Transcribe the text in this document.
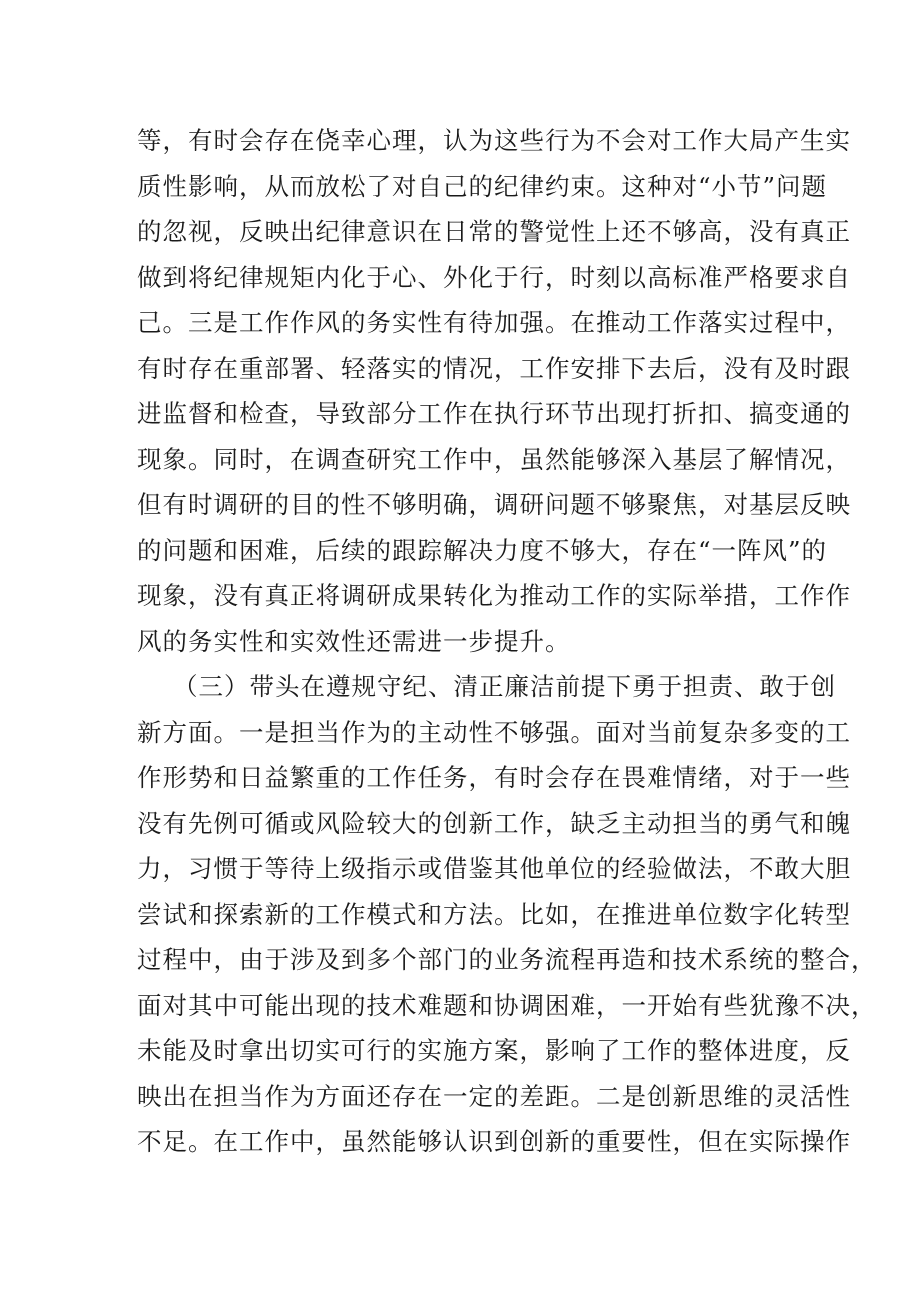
等，有时会存在侥幸心理，认为这些行为不会对工作大局产生实
质性影响，从而放松了对自己的纪律约束。这种对“小节”问题
的忽视，反映出纪律意识在日常的警觉性上还不够高，没有真正
做到将纪律规矩内化于心、外化于行，时刻以高标准严格要求自
己。三是工作作风的务实性有待加强。在推动工作落实过程中，
有时存在重部署、轻落实的情况，工作安排下去后，没有及时跟
进监督和检查，导致部分工作在执行环节出现打折扣、搞变通的
现象。同时，在调查研究工作中，虽然能够深入基层了解情况，
但有时调研的目的性不够明确，调研问题不够聚焦，对基层反映
的问题和困难，后续的跟踪解决力度不够大，存在“一阵风”的
现象，没有真正将调研成果转化为推动工作的实际举措，工作作
风的务实性和实效性还需进一步提升。
（三）带头在遵规守纪、清正廉洁前提下勇于担责、敢于创
新方面。一是担当作为的主动性不够强。面对当前复杂多变的工
作形势和日益繁重的工作任务，有时会存在畏难情绪，对于一些
没有先例可循或风险较大的创新工作，缺乏主动担当的勇气和魄
力，习惯于等待上级指示或借鉴其他单位的经验做法，不敢大胆
尝试和探索新的工作模式和方法。比如，在推进单位数字化转型
过程中，由于涉及到多个部门的业务流程再造和技术系统的整合，
面对其中可能出现的技术难题和协调困难，一开始有些犹豫不决，
未能及时拿出切实可行的实施方案，影响了工作的整体进度，反
映出在担当作为方面还存在一定的差距。二是创新思维的灵活性
不足。在工作中，虽然能够认识到创新的重要性，但在实际操作
